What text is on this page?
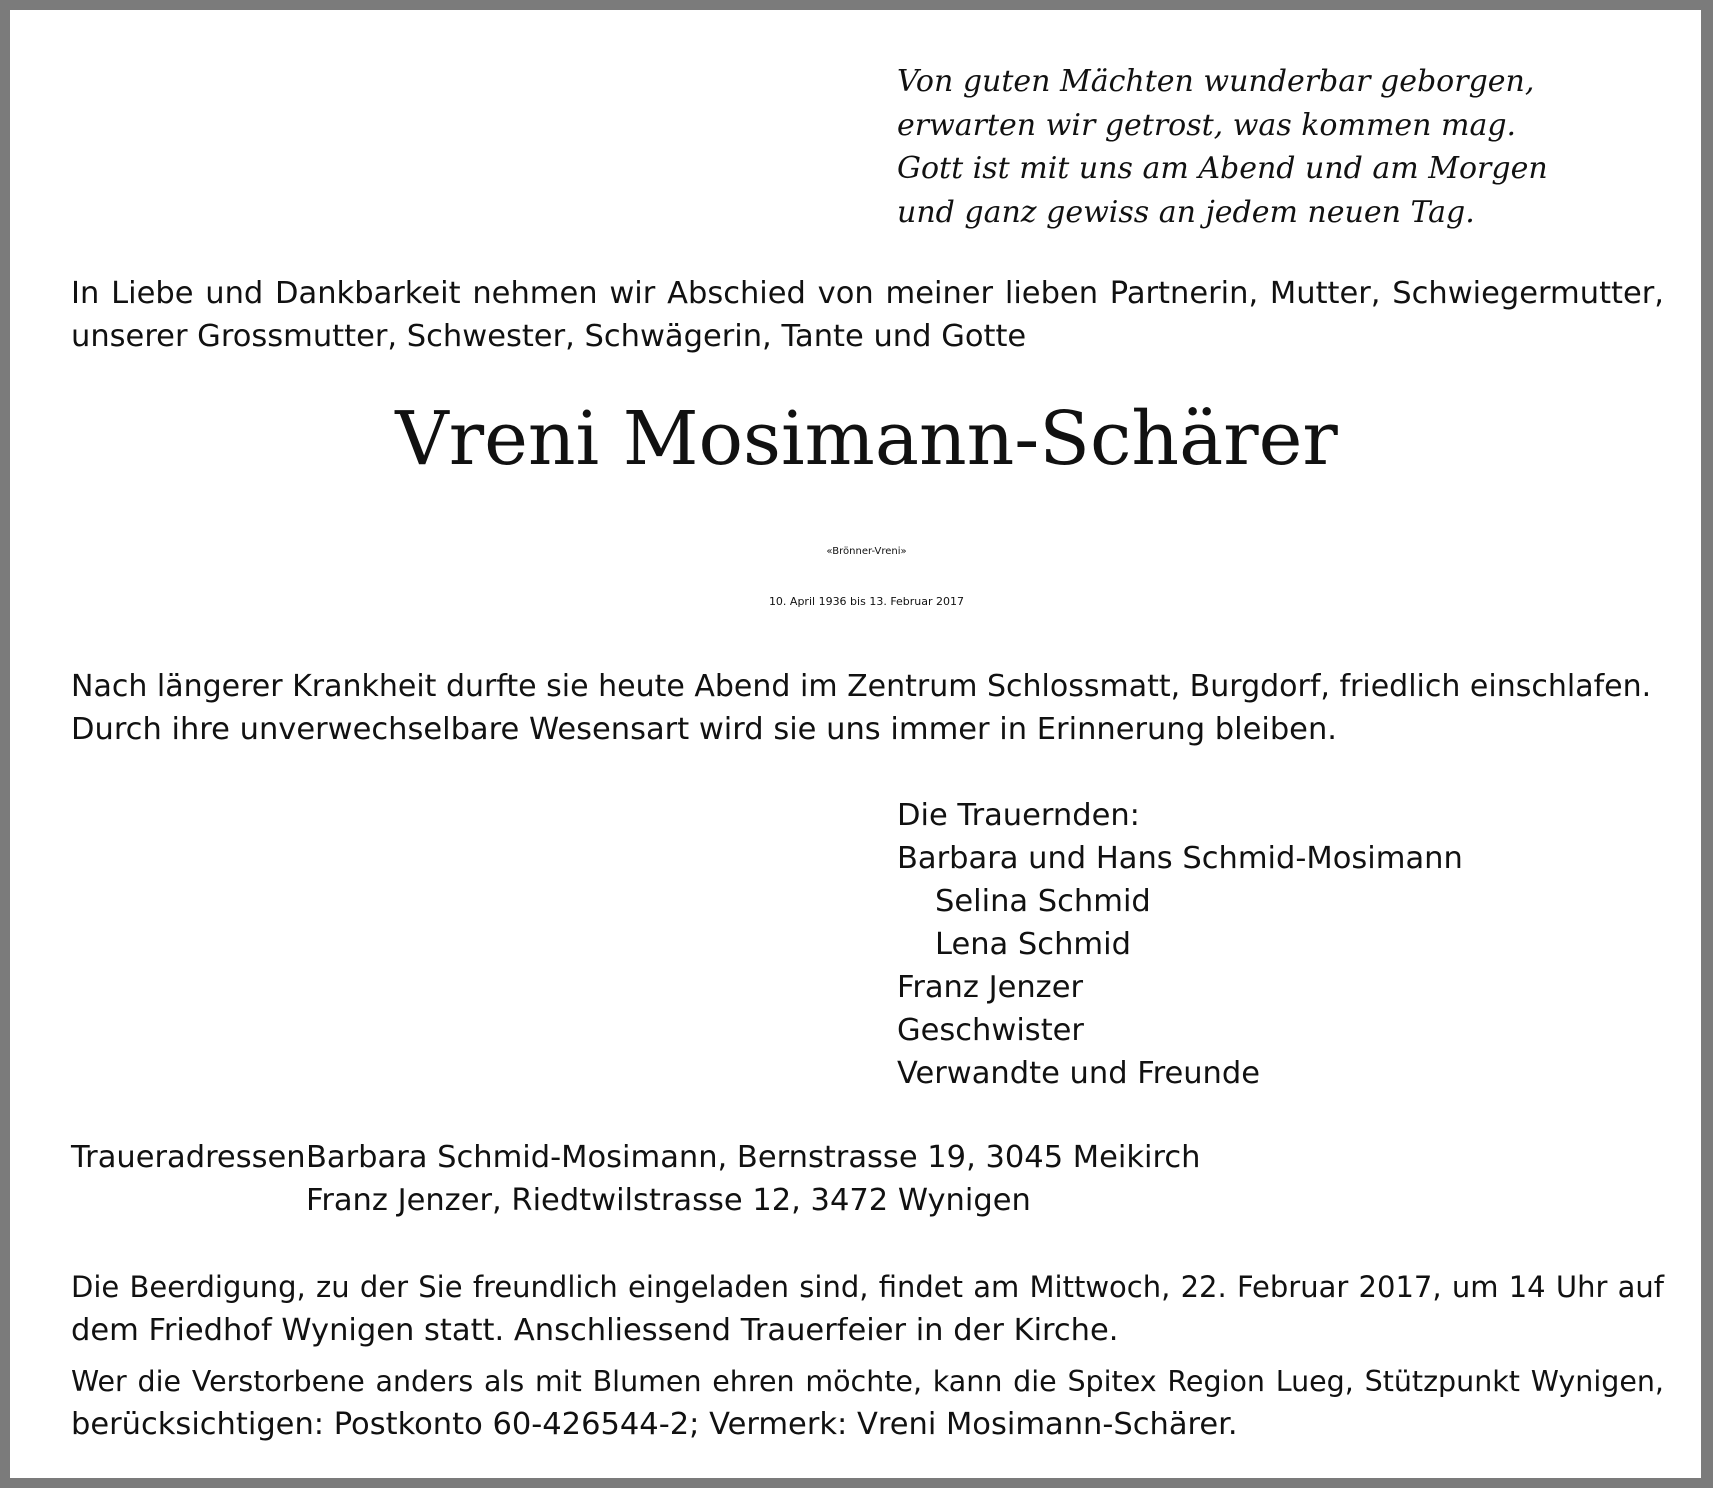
Von guten Mächten wunderbar geborgen,
erwarten wir getrost, was kommen mag.
Gott ist mit uns am Abend und am Morgen
und ganz gewiss an jedem neuen Tag.
In Liebe und Dankbarkeit nehmen wir Abschied von meiner lieben Partnerin, Mutter, Schwiegermutter,
unserer Grossmutter, Schwester, Schwägerin, Tante und Gotte
Vreni Mosimann-Schärer
«Brönner-Vreni»
10. April 1936 bis 13. Februar 2017
Nach längerer Krankheit durfte sie heute Abend im Zentrum Schlossmatt, Burgdorf, friedlich einschlafen.
Durch ihre unverwechselbare Wesensart wird sie uns immer in Erinnerung bleiben.
Die Trauernden:
Barbara und Hans Schmid-Mosimann
Selina Schmid
Lena Schmid
Franz Jenzer
Geschwister
Verwandte und Freunde
Traueradressen:
Barbara Schmid-Mosimann, Bernstrasse 19, 3045 Meikirch
Franz Jenzer, Riedtwilstrasse 12, 3472 Wynigen
Die Beerdigung, zu der Sie freundlich eingeladen sind, findet am Mittwoch, 22. Februar 2017, um 14 Uhr auf
dem Friedhof Wynigen statt. Anschliessend Trauerfeier in der Kirche.
Wer die Verstorbene anders als mit Blumen ehren möchte, kann die Spitex Region Lueg, Stützpunkt Wynigen,
berücksichtigen: Postkonto 60-426544-2; Vermerk: Vreni Mosimann-Schärer.
